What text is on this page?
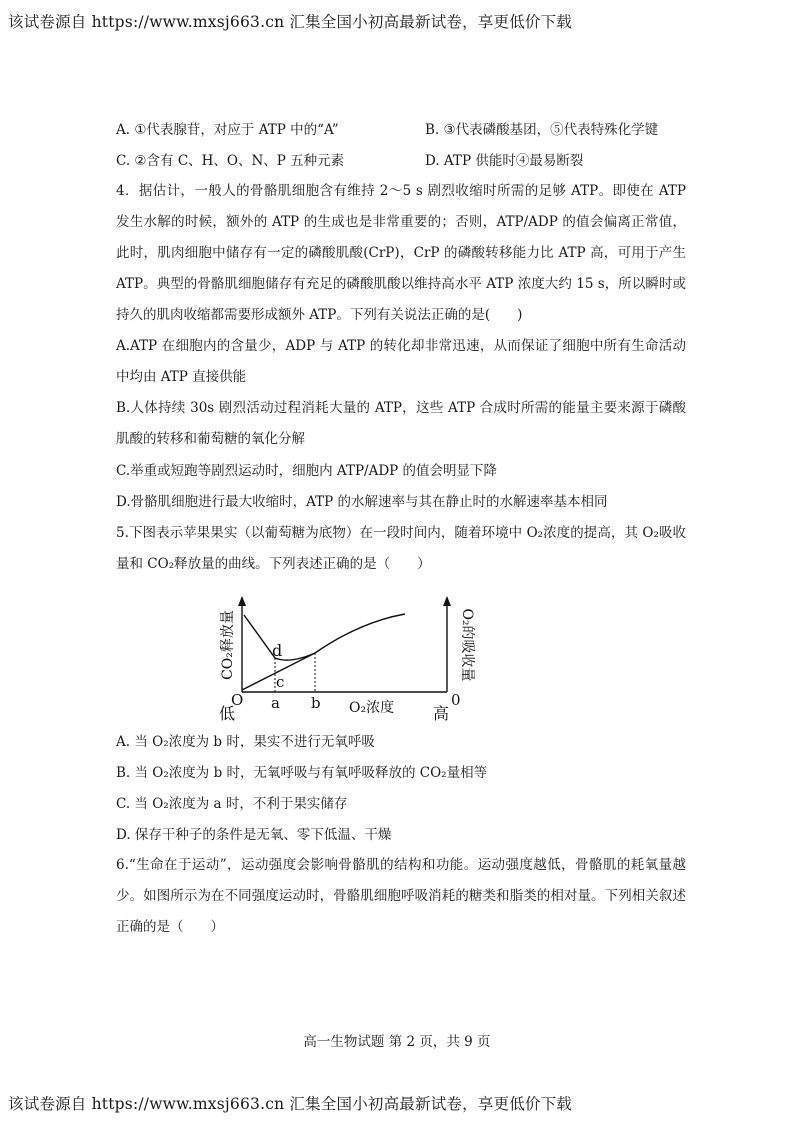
该试卷源自 https://www.mxsj663.cn 汇集全国小初高最新试卷，享更低价下载
A. ①代表腺苷，对应于 ATP 中的“A”	B. ③代表磷酸基团，⑤代表特殊化学键
C. ②含有 C、H、O、N、P 五种元素	D. ATP 供能时④最易断裂
4．据估计，一般人的骨骼肌细胞含有维持 2～5 s 剧烈收缩时所需的足够 ATP。即使在 ATP 发生水解的时候，额外的 ATP 的生成也是非常重要的；否则，ATP/ADP 的值会偏离正常值，此时，肌肉细胞中储存有一定的磷酸肌酸(CrP)，CrP 的磷酸转移能力比 ATP 高，可用于产生 ATP。典型的骨骼肌细胞储存有充足的磷酸肌酸以维持高水平 ATP 浓度大约 15 s，所以瞬时或持久的肌肉收缩都需要形成额外 ATP。下列有关说法正确的是(　　)
A.ATP 在细胞内的含量少，ADP 与 ATP 的转化却非常迅速，从而保证了细胞中所有生命活动中均由 ATP 直接供能
B.人体持续 30s 剧烈活动过程消耗大量的 ATP，这些 ATP 合成时所需的能量主要来源于磷酸肌酸的转移和葡萄糖的氧化分解
C.举重或短跑等剧烈运动时，细胞内 ATP/ADP 的值会明显下降
D.骨骼肌细胞进行最大收缩时，ATP 的水解速率与其在静止时的水解速率基本相同
5.下图表示苹果果实（以葡萄糖为底物）在一段时间内，随着环境中 O₂浓度的提高，其 O₂吸收量和 CO₂释放量的曲线。下列表述正确的是（　　）
CO₂释放量	O₂的吸收量
d
c
O	0
a b O₂浓度
低	高
A. 当 O₂浓度为 b 时，果实不进行无氧呼吸
B. 当 O₂浓度为 b 时，无氧呼吸与有氧呼吸释放的 CO₂量相等
C. 当 O₂浓度为 a 时，不利于果实储存
D. 保存干种子的条件是无氧、零下低温、干燥
6.“生命在于运动”，运动强度会影响骨骼肌的结构和功能。运动强度越低，骨骼肌的耗氧量越少。如图所示为在不同强度运动时，骨骼肌细胞呼吸消耗的糖类和脂类的相对量。下列相关叙述正确的是（　　）
高一生物试题 第 2 页，共 9 页
该试卷源自 https://www.mxsj663.cn 汇集全国小初高最新试卷，享更低价下载
